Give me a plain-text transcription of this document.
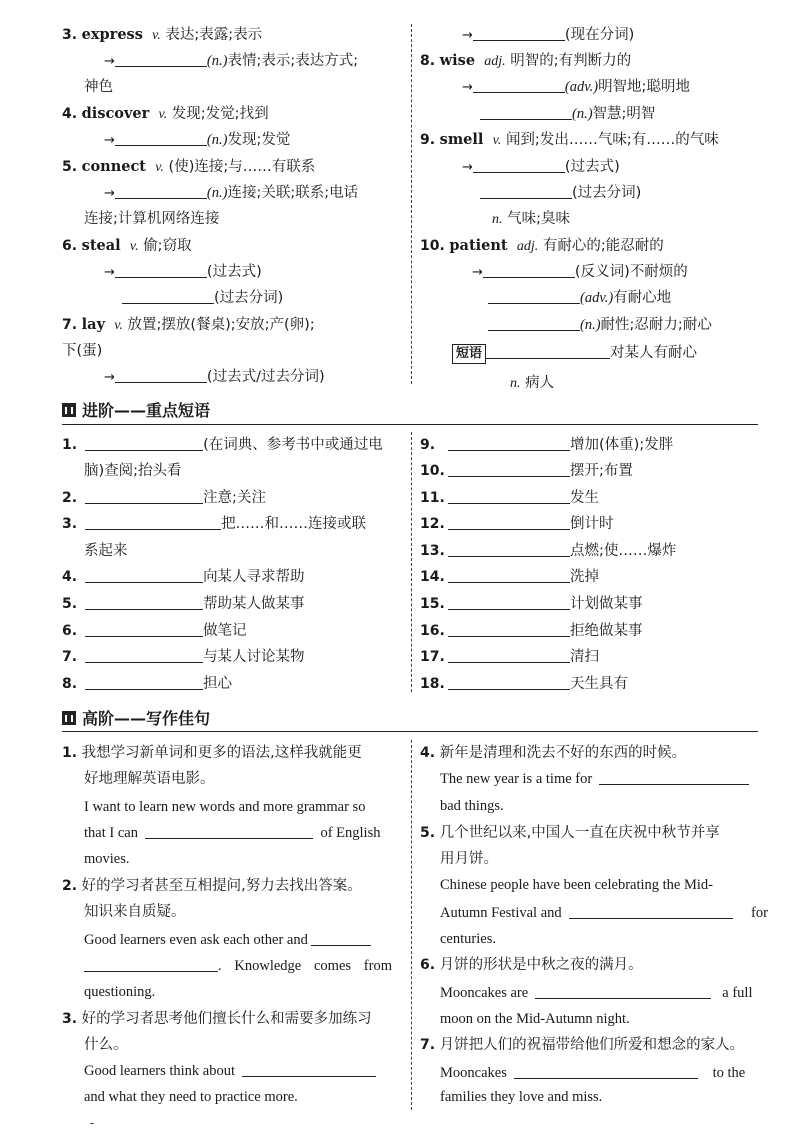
3. express v. 表达;表露;表示
→	(n.)表情;表示;表达方式;
神色
4. discover v. 发现;发觉;找到
→	(n.)发现;发觉
5. connect v. (使)连接;与……有联系
→	(n.)连接;关联;联系;电话
连接;计算机网络连接
6. steal v. 偷;窃取
→	(过去式)
(过去分词)
7. lay v. 放置;摆放(餐桌);安放;产(卵);
下(蛋)
→	(过去式/过去分词)
→	(现在分词)
8. wise adj. 明智的;有判断力的
→	(adv.)明智地;聪明地
(n.)智慧;明智
9. smell v. 闻到;发出……气味;有……的气味
→	(过去式)
(过去分词)
n. 气味;臭味
10. patient adj. 有耐心的;能忍耐的
→	(反义词)不耐烦的
(adv.)有耐心地
(n.)耐性;忍耐力;耐心
短语	对某人有耐心
n. 病人
进阶——重点短语
1.	(在词典、参考书中或通过电
脑)查阅;抬头看
2.	注意;关注
3.	把……和……连接或联
系起来
4.	向某人寻求帮助
5.	帮助某人做某事
6.	做笔记
7.	与某人讨论某物
8.	担心
9.	增加(体重);发胖
10.	摆开;布置
11.	发生
12.	倒计时
13.	点燃;使……爆炸
14.	洗掉
15.	计划做某事
16.	拒绝做某事
17.	清扫
18.	天生具有
高阶——写作佳句
1. 我想学习新单词和更多的语法,这样我就能更
好地理解英语电影。
I want to learn new words and more grammar so
that I can	of English
movies.
2. 好的学习者甚至互相提问,努力去找出答案。
知识来自质疑。
Good learners even ask each other and
. Knowledge comes from
questioning.
3. 好的学习者思考他们擅长什么和需要多加练习
什么。
Good learners think about
and what they need to practice more.
4. 新年是清理和洗去不好的东西的时候。
The new year is a time for
bad things.
5. 几个世纪以来,中国人一直在庆祝中秋节并享
用月饼。
Chinese people have been celebrating the Mid-
Autumn Festival and	for
centuries.
6. 月饼的形状是中秋之夜的满月。
Mooncakes are	a full
moon on the Mid-Autumn night.
7. 月饼把人们的祝福带给他们所爱和想念的家人。
Mooncakes	to the
families they love and miss.
-
